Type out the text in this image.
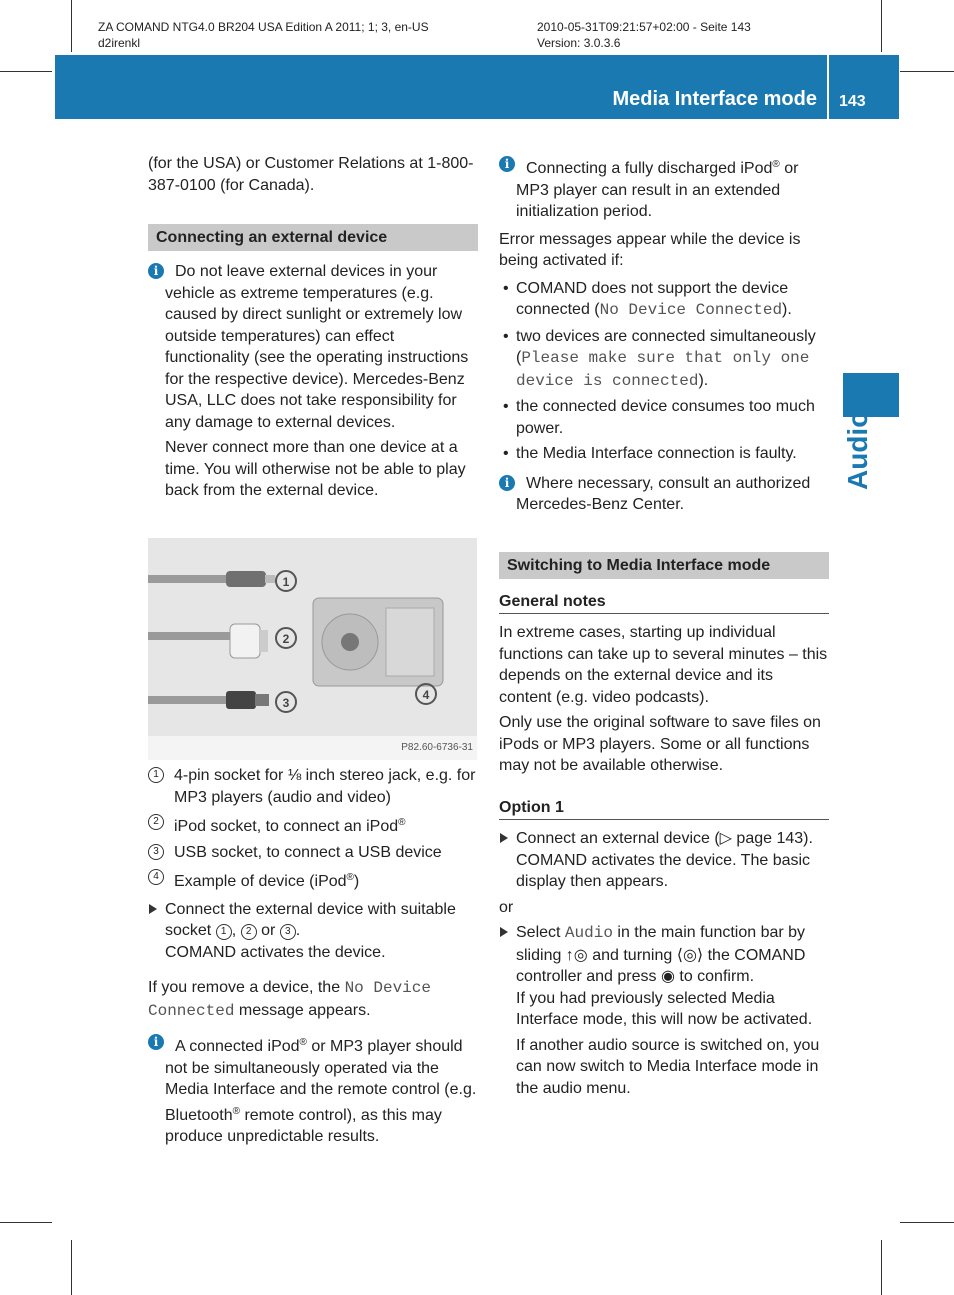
ZA COMAND NTG4.0 BR204 USA Edition A 2011; 1; 3, en-US
d2irenkl
2010-05-31T09:21:57+02:00 - Seite 143
Version: 3.0.3.6
Media Interface mode 143
Audio

(for the USA) or Customer Relations at 1-800-387-0100 (for Canada).

Connecting an external device
i	Do not leave external devices in your vehicle as extreme temperatures (e.g. caused by direct sunlight or extremely low outside temperatures) can effect functionality (see the operating instructions for the respective device). Mercedes-Benz USA, LLC does not take responsibility for any damage to external devices.

Never connect more than one device at a time. You will otherwise not be able to play back from the external device.

1
2
3
4
P82.60-6736-31
1 4-pin socket for ⅛ inch stereo jack, e.g. for MP3 players (audio and video)

2 iPod socket, to connect an iPod®

3 USB socket, to connect a USB device

4 Example of device (iPod®)

Connect the external device with suitable socket 1 , 2 or 3 .

COMAND activates the device.

If you remove a device, the No Device Connected message appears.

i	A connected iPod® or MP3 player should not be simultaneously operated via the Media Interface and the remote control (e.g. Bluetooth® remote control), as this may produce unpredictable results.

i	Connecting a fully discharged iPod® or MP3 player can result in an extended initialization period.

Error messages appear while the device is being activated if:

• COMAND does not support the device connected (No Device Connected).

• two devices are connected simultaneously (Please make sure that only one device is connected).

• the connected device consumes too much power.

• the Media Interface connection is faulty.

i	Where necessary, consult an authorized Mercedes-Benz Center.

Switching to Media Interface mode
General notes

In extreme cases, starting up individual functions can take up to several minutes – this depends on the external device and its content (e.g. video podcasts).

Only use the original software to save files on iPods or MP3 players. Some or all functions may not be available otherwise.

Option 1

Connect an external device (▷ page 143). COMAND activates the device. The basic display then appears.

or

Select Audio in the main function bar by sliding ↑◎ and turning ⟨◎⟩ the COMAND controller and press ◉ to confirm.

If you had previously selected Media Interface mode, this will now be activated.

If another audio source is switched on, you can now switch to Media Interface mode in the audio menu.
